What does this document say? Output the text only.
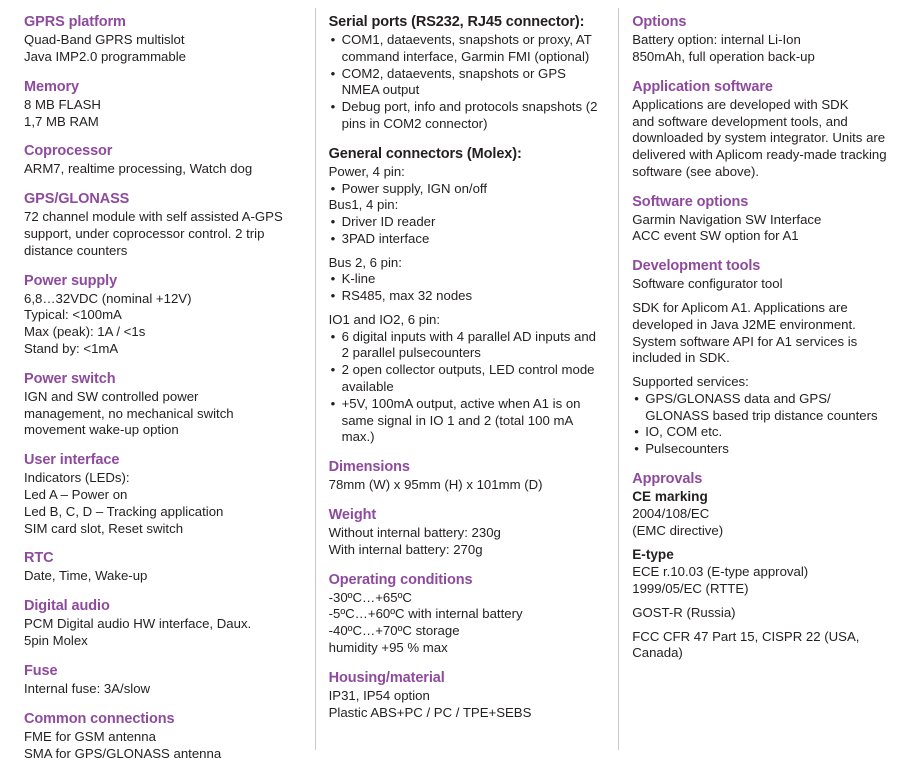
GPRS platform

Quad-Band GPRS multislot

Java IMP2.0 programmable

Memory

8 MB FLASH

1,7 MB RAM

Coprocessor

ARM7, realtime processing, Watch dog

GPS/GLONASS

72 channel module with self assisted A-GPS

support, under coprocessor control. 2 trip

distance counters

Power supply

6,8…32VDC (nominal +12V)

Typical: <100mA

Max (peak): 1A / <1s

Stand by: <1mA

Power switch

IGN and SW controlled power

management, no mechanical switch

movement wake-up option

User interface

Indicators (LEDs):

Led A – Power on

Led B, C, D – Tracking application

SIM card slot, Reset switch

RTC

Date, Time, Wake-up

Digital audio

PCM Digital audio HW interface, Daux.

5pin Molex

Fuse

Internal fuse: 3A/slow

Common connections

FME for GSM antenna

SMA for GPS/GLONASS antenna

Serial ports (RS232, RJ45 connector):
• COM1, dataevents, snapshots or proxy, AT command interface, Garmin FMI (optional)
• COM2, dataevents, snapshots or GPS NMEA output
• Debug port, info and protocols snapshots (2 pins in COM2 connector)
General connectors (Molex):

Power, 4 pin:

• Power supply, IGN on/off

Bus1, 4 pin:

• Driver ID reader
• 3PAD interface

Bus 2, 6 pin:

• K-line
• RS485, max 32 nodes

IO1 and IO2, 6 pin:

• 6 digital inputs with 4 parallel AD inputs and 2 parallel pulsecounters
• 2 open collector outputs, LED control mode available
• +5V, 100mA output, active when A1 is on same signal in IO 1 and 2 (total 100 mA max.)
Dimensions

78mm (W) x 95mm (H) x 101mm (D)

Weight

Without internal battery: 230g

With internal battery: 270g

Operating conditions

-30ºC…+65ºC

-5ºC…+60ºC with internal battery

-40ºC…+70ºC storage

humidity +95 % max

Housing/material

IP31, IP54 option

Plastic ABS+PC / PC / TPE+SEBS

Options

Battery option: internal Li-Ion

850mAh, full operation back-up

Application software

Applications are developed with SDK

and software development tools, and

downloaded by system integrator. Units are

delivered with Aplicom ready-made tracking

software (see above).

Software options

Garmin Navigation SW Interface

ACC event SW option for A1

Development tools

Software configurator tool

SDK for Aplicom A1. Applications are

developed in Java J2ME environment.

System software API for A1 services is

included in SDK.

Supported services:

• GPS/GLONASS data and GPS/ GLONASS based trip distance counters
• IO, COM etc.
• Pulsecounters
Approvals

CE marking

2004/108/EC

(EMC directive)

E-type

ECE r.10.03 (E-type approval)

1999/05/EC (RTTE)

GOST-R (Russia)

FCC CFR 47 Part 15, CISPR 22 (USA,

Canada)
